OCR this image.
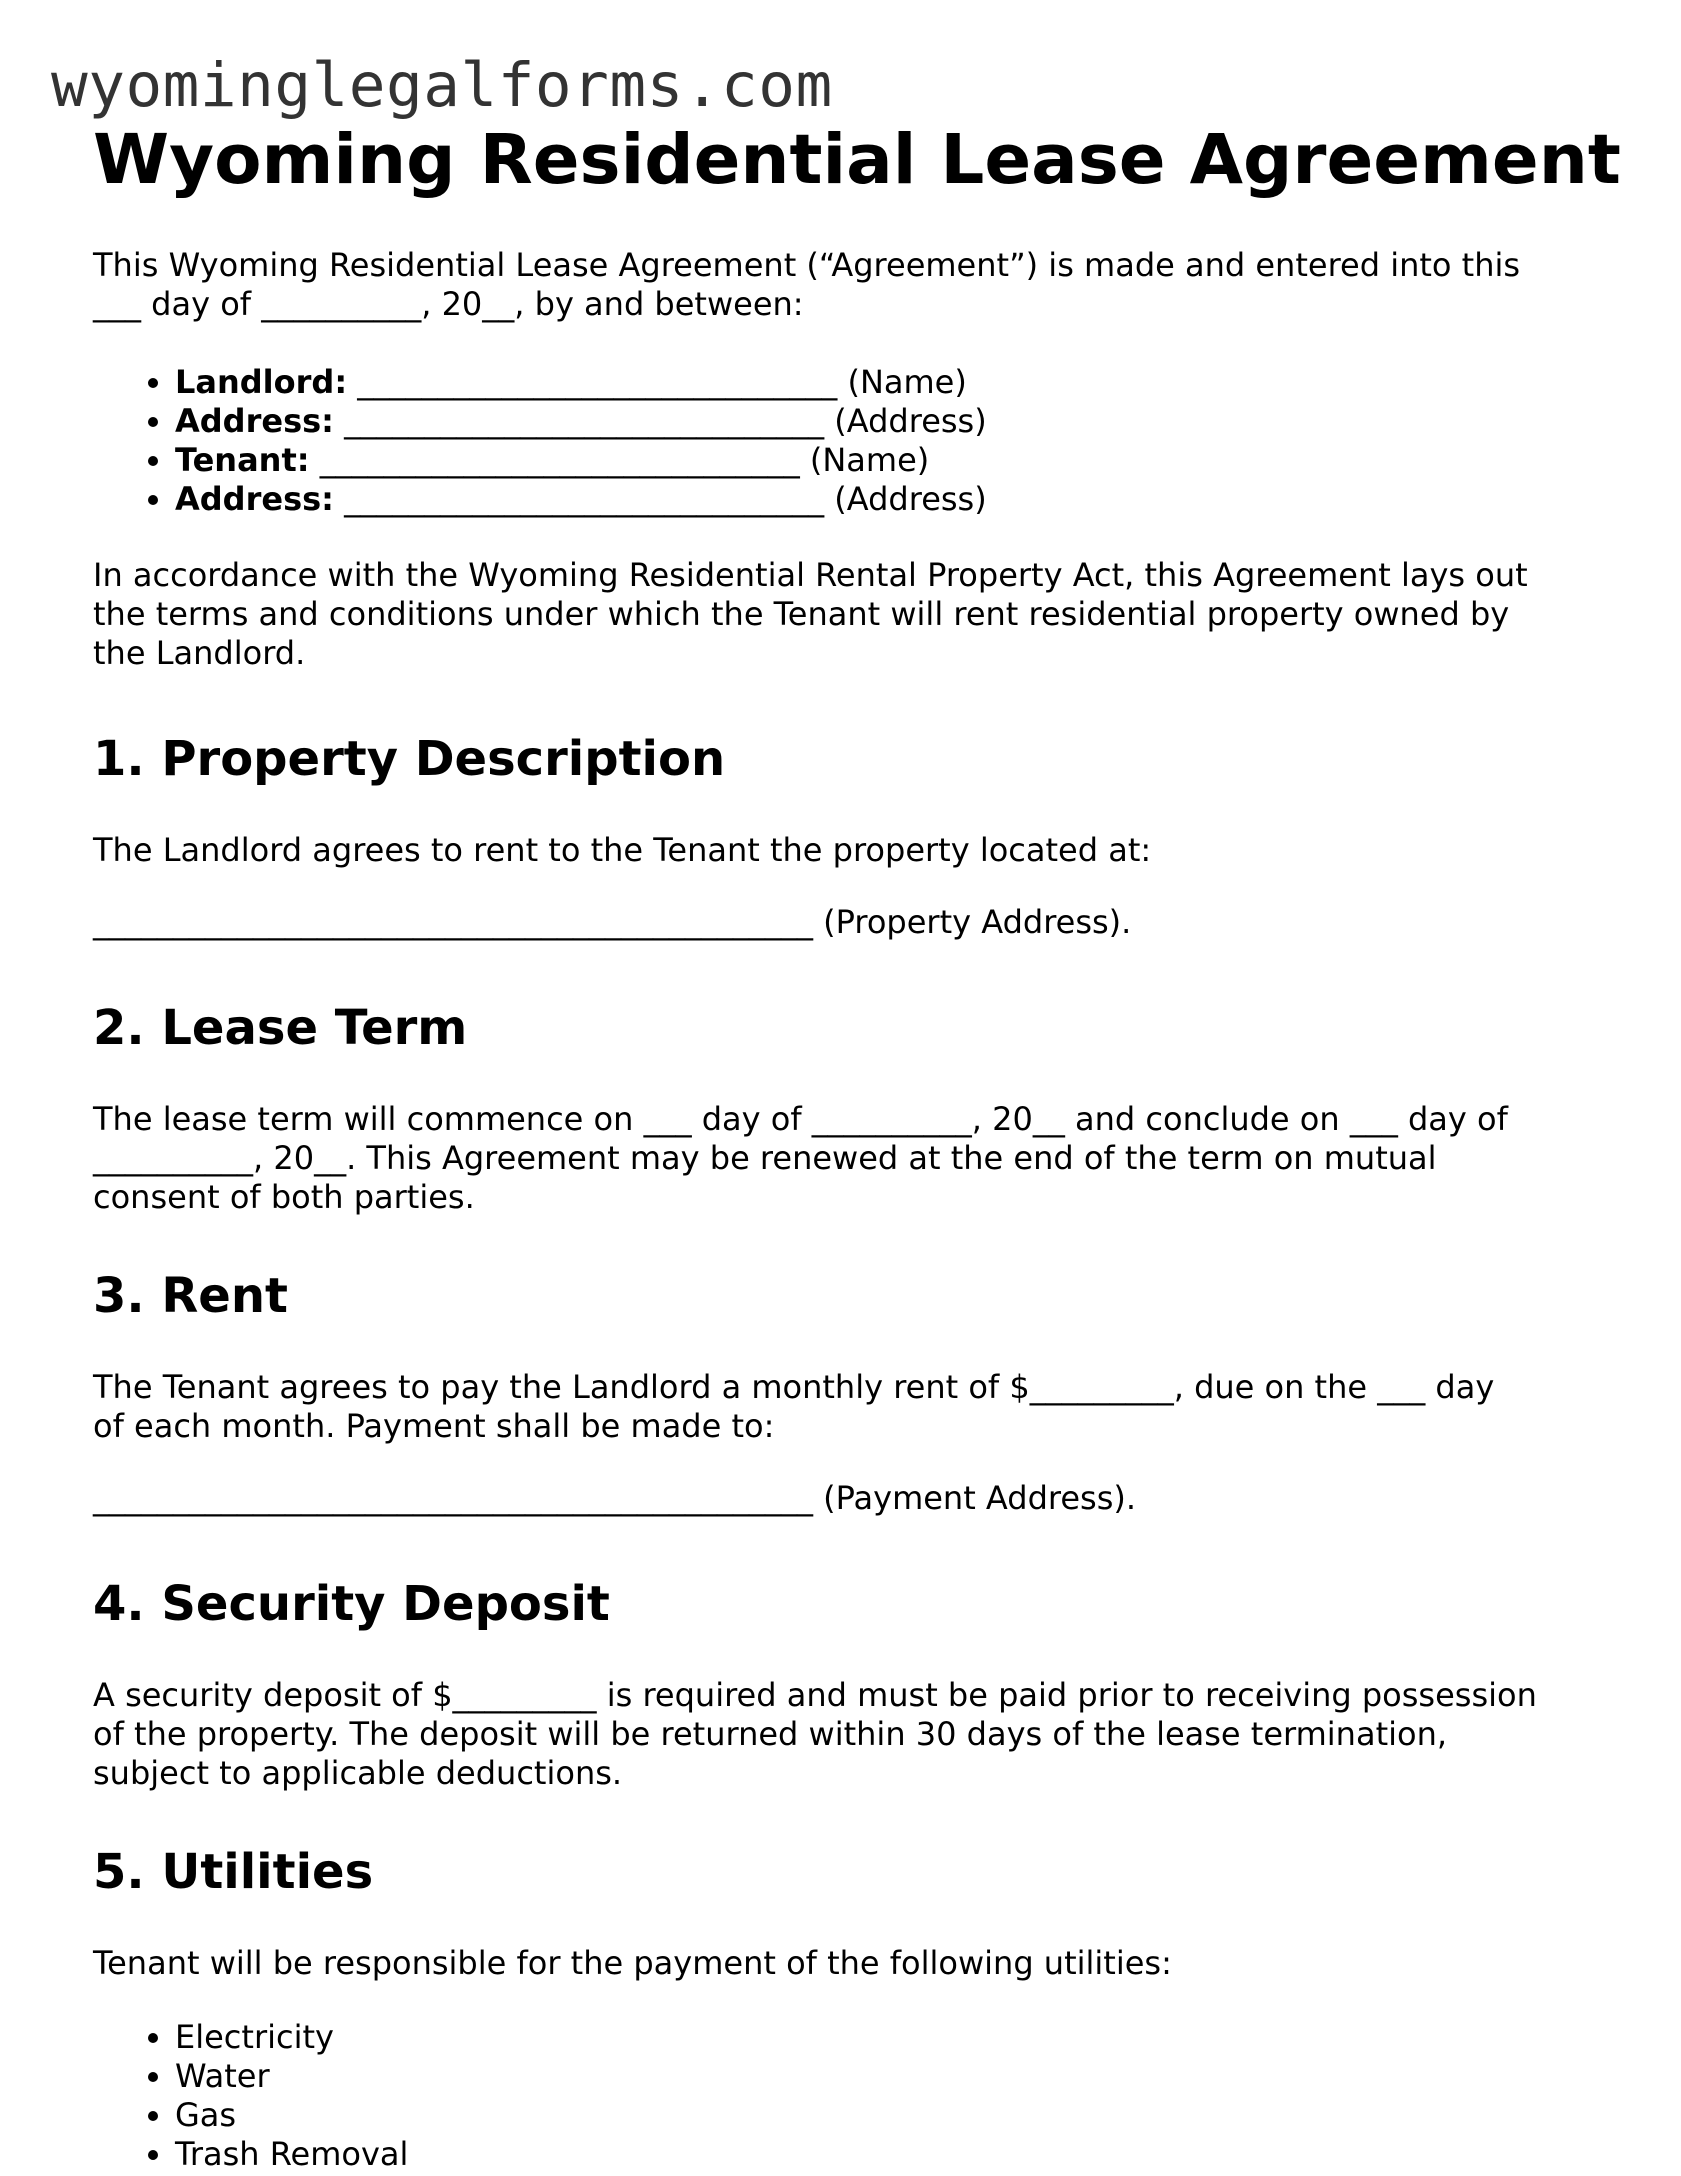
wyominglegalforms.com
Wyoming Residential Lease Agreement

This Wyoming Residential Lease Agreement (“Agreement”) is made and entered into this
___ day of __________, 20__, by and between:

• Landlord: ______________________________ (Name)
• Address: ______________________________ (Address)
• Tenant: ______________________________ (Name)
• Address: ______________________________ (Address)

In accordance with the Wyoming Residential Rental Property Act, this Agreement lays out
the terms and conditions under which the Tenant will rent residential property owned by
the Landlord.

1. Property Description

The Landlord agrees to rent to the Tenant the property located at:

_____________________________________________ (Property Address).

2. Lease Term

The lease term will commence on ___ day of __________, 20__ and conclude on ___ day of
__________, 20__. This Agreement may be renewed at the end of the term on mutual
consent of both parties.

3. Rent

The Tenant agrees to pay the Landlord a monthly rent of $_________, due on the ___ day
of each month. Payment shall be made to:

_____________________________________________ (Payment Address).

4. Security Deposit

A security deposit of $_________ is required and must be paid prior to receiving possession
of the property. The deposit will be returned within 30 days of the lease termination,
subject to applicable deductions.

5. Utilities

Tenant will be responsible for the payment of the following utilities:

• Electricity
• Water
• Gas
• Trash Removal
